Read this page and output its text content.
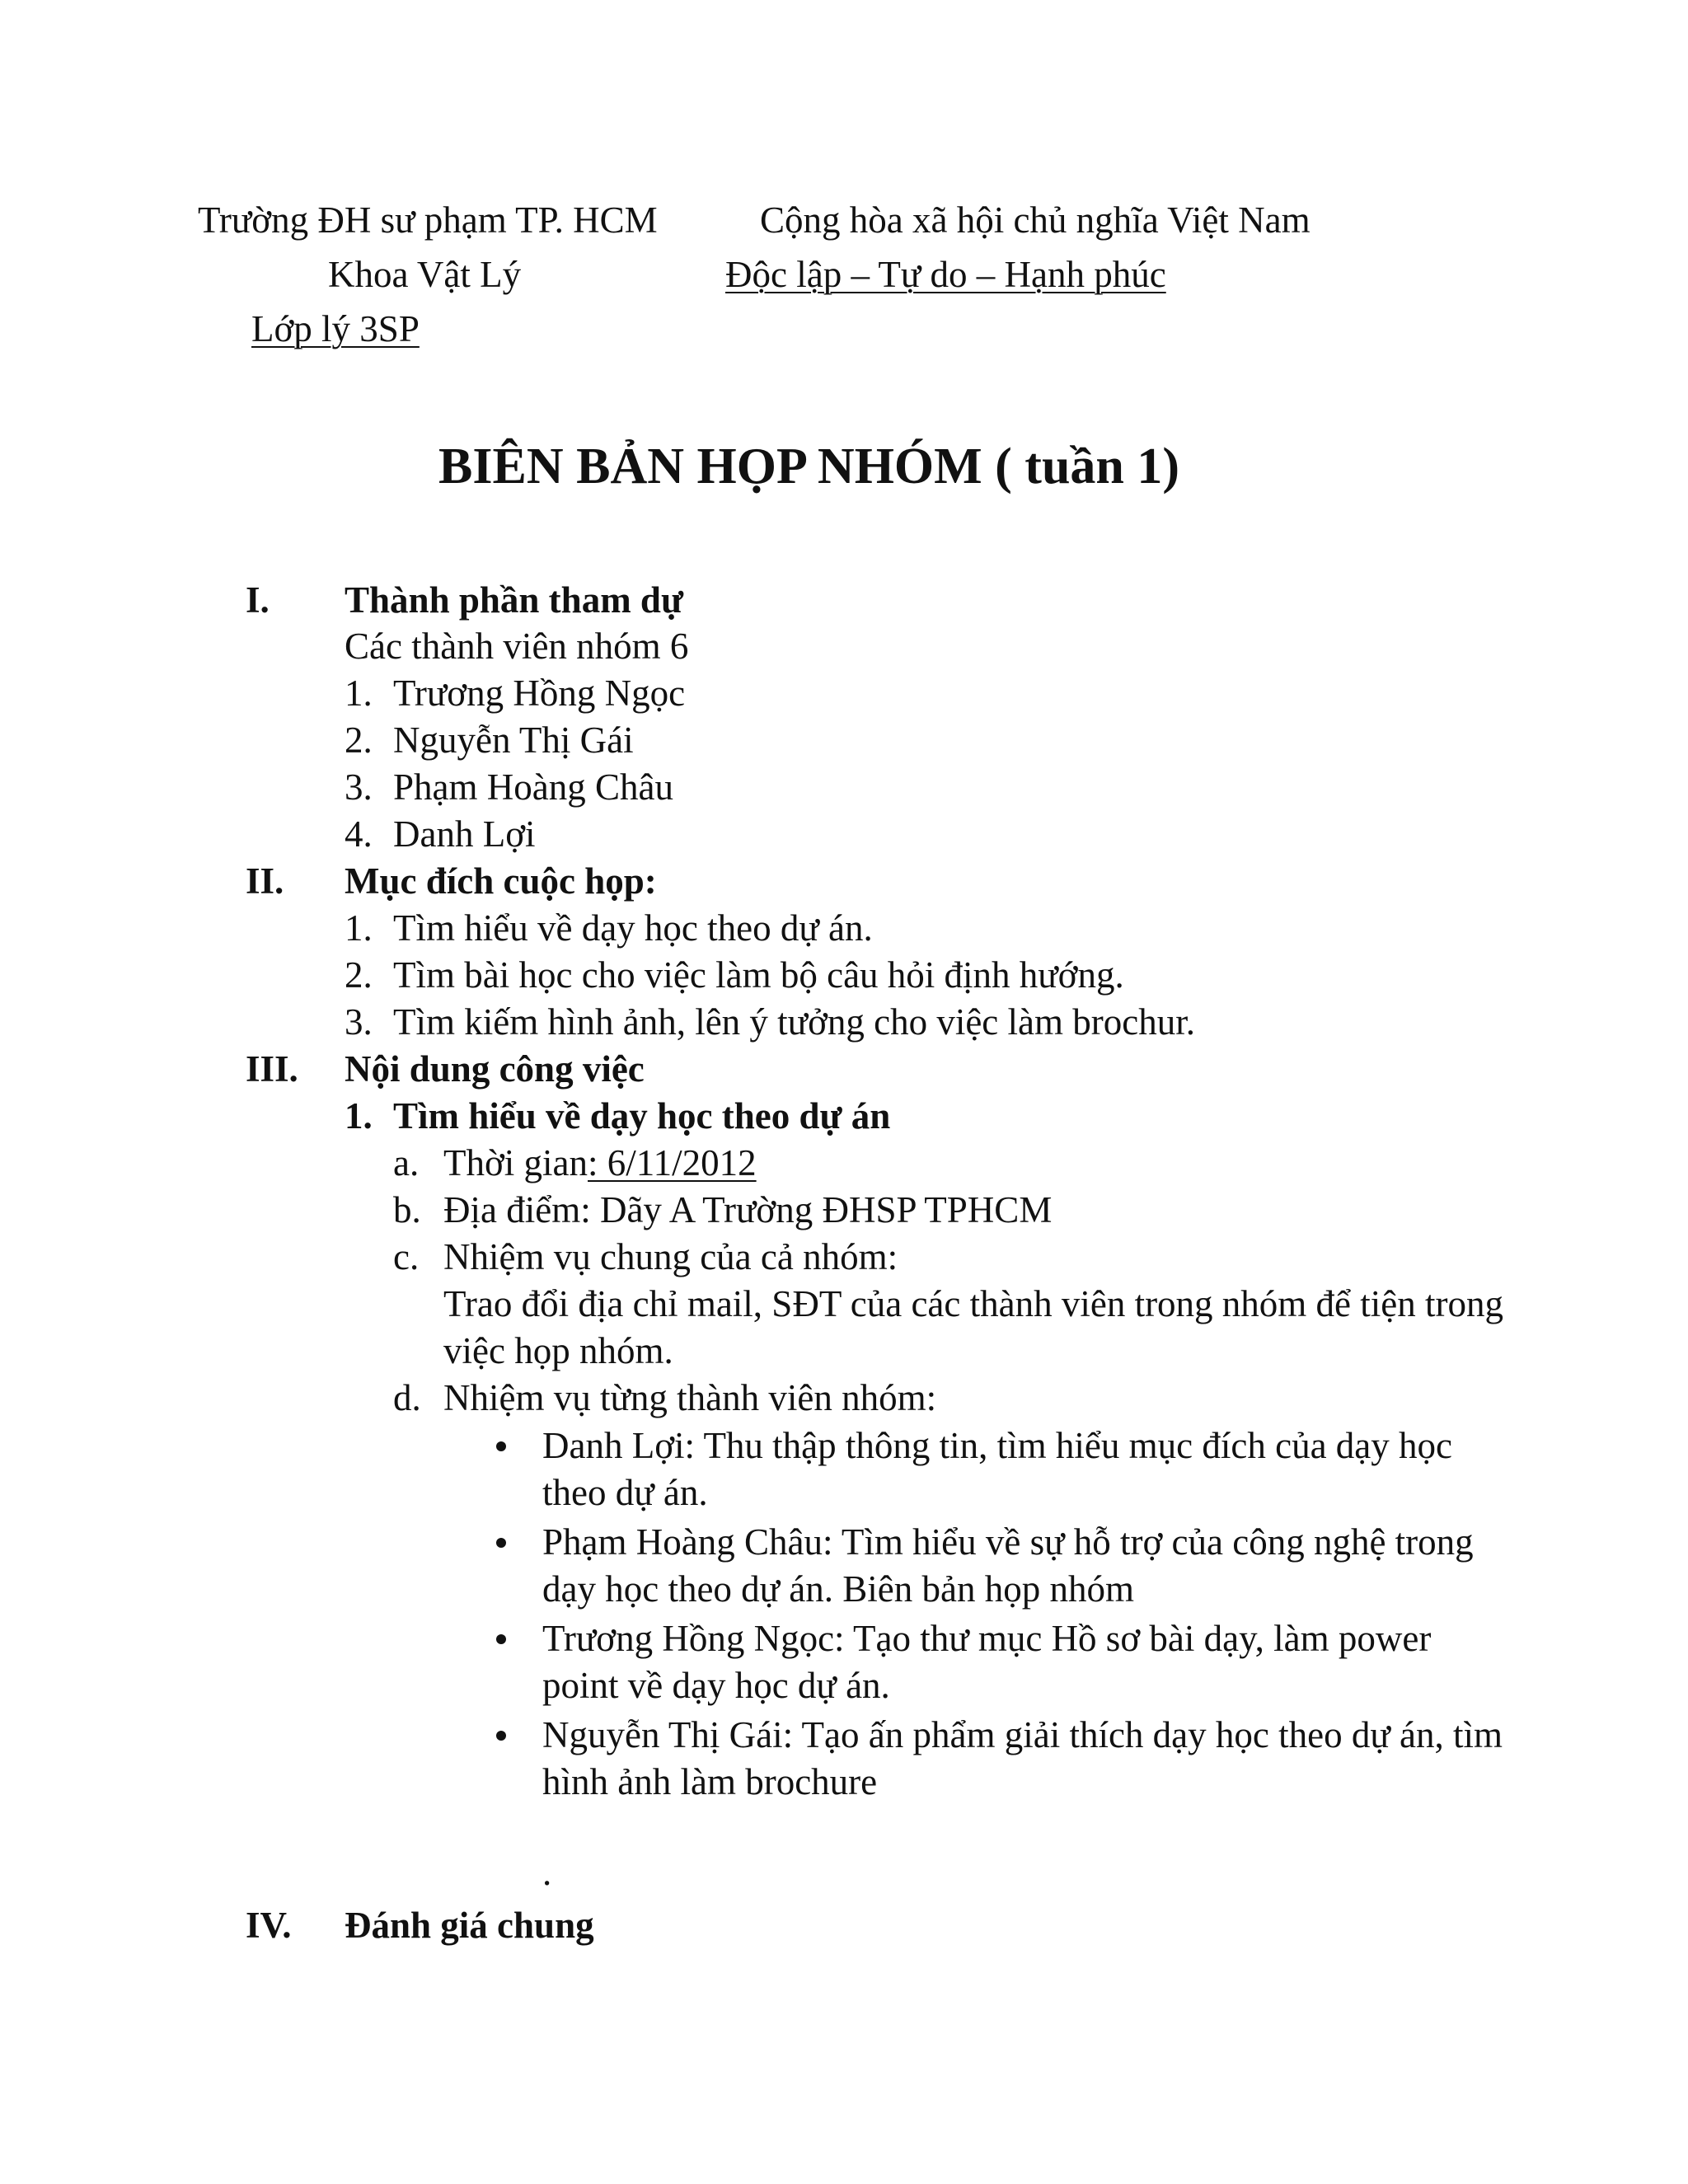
Trường ĐH sư phạm TP. HCM	Cộng hòa xã hội chủ nghĩa Việt Nam
Khoa Vật Lý	Độc lập – Tự do – Hạnh phúc
Lớp lý 3SP
BIÊN BẢN HỌP NHÓM ( tuần 1)
I. Thành phần tham dự
Các thành viên nhóm 6
1. Trương Hồng Ngọc
2. Nguyễn Thị Gái
3. Phạm Hoàng Châu
4. Danh Lợi
II. Mục đích cuộc họp:
1. Tìm hiểu về dạy học theo dự án.
2. Tìm bài học cho việc làm bộ câu hỏi định hướng.
3. Tìm kiếm hình ảnh, lên ý tưởng cho việc làm brochur.
III. Nội dung công việc
1. Tìm hiểu về dạy học theo dự án
a. Thời gian: 6/11/2012
b. Địa điểm: Dãy A Trường ĐHSP TPHCM
c. Nhiệm vụ chung của cả nhóm:
Trao đổi địa chỉ mail, SĐT của các thành viên trong nhóm để tiện trong
việc họp nhóm.
d. Nhiệm vụ từng thành viên nhóm:
Danh Lợi: Thu thập thông tin, tìm hiểu mục đích của dạy học
theo dự án.
Phạm Hoàng Châu: Tìm hiểu về sự hỗ trợ của công nghệ trong
dạy học theo dự án. Biên bản họp nhóm
Trương Hồng Ngọc: Tạo thư mục Hồ sơ bài dạy, làm power
point về dạy học dự án.
Nguyễn Thị Gái: Tạo ấn phẩm giải thích dạy học theo dự án, tìm
hình ảnh làm brochure
.
IV. Đánh giá chung
